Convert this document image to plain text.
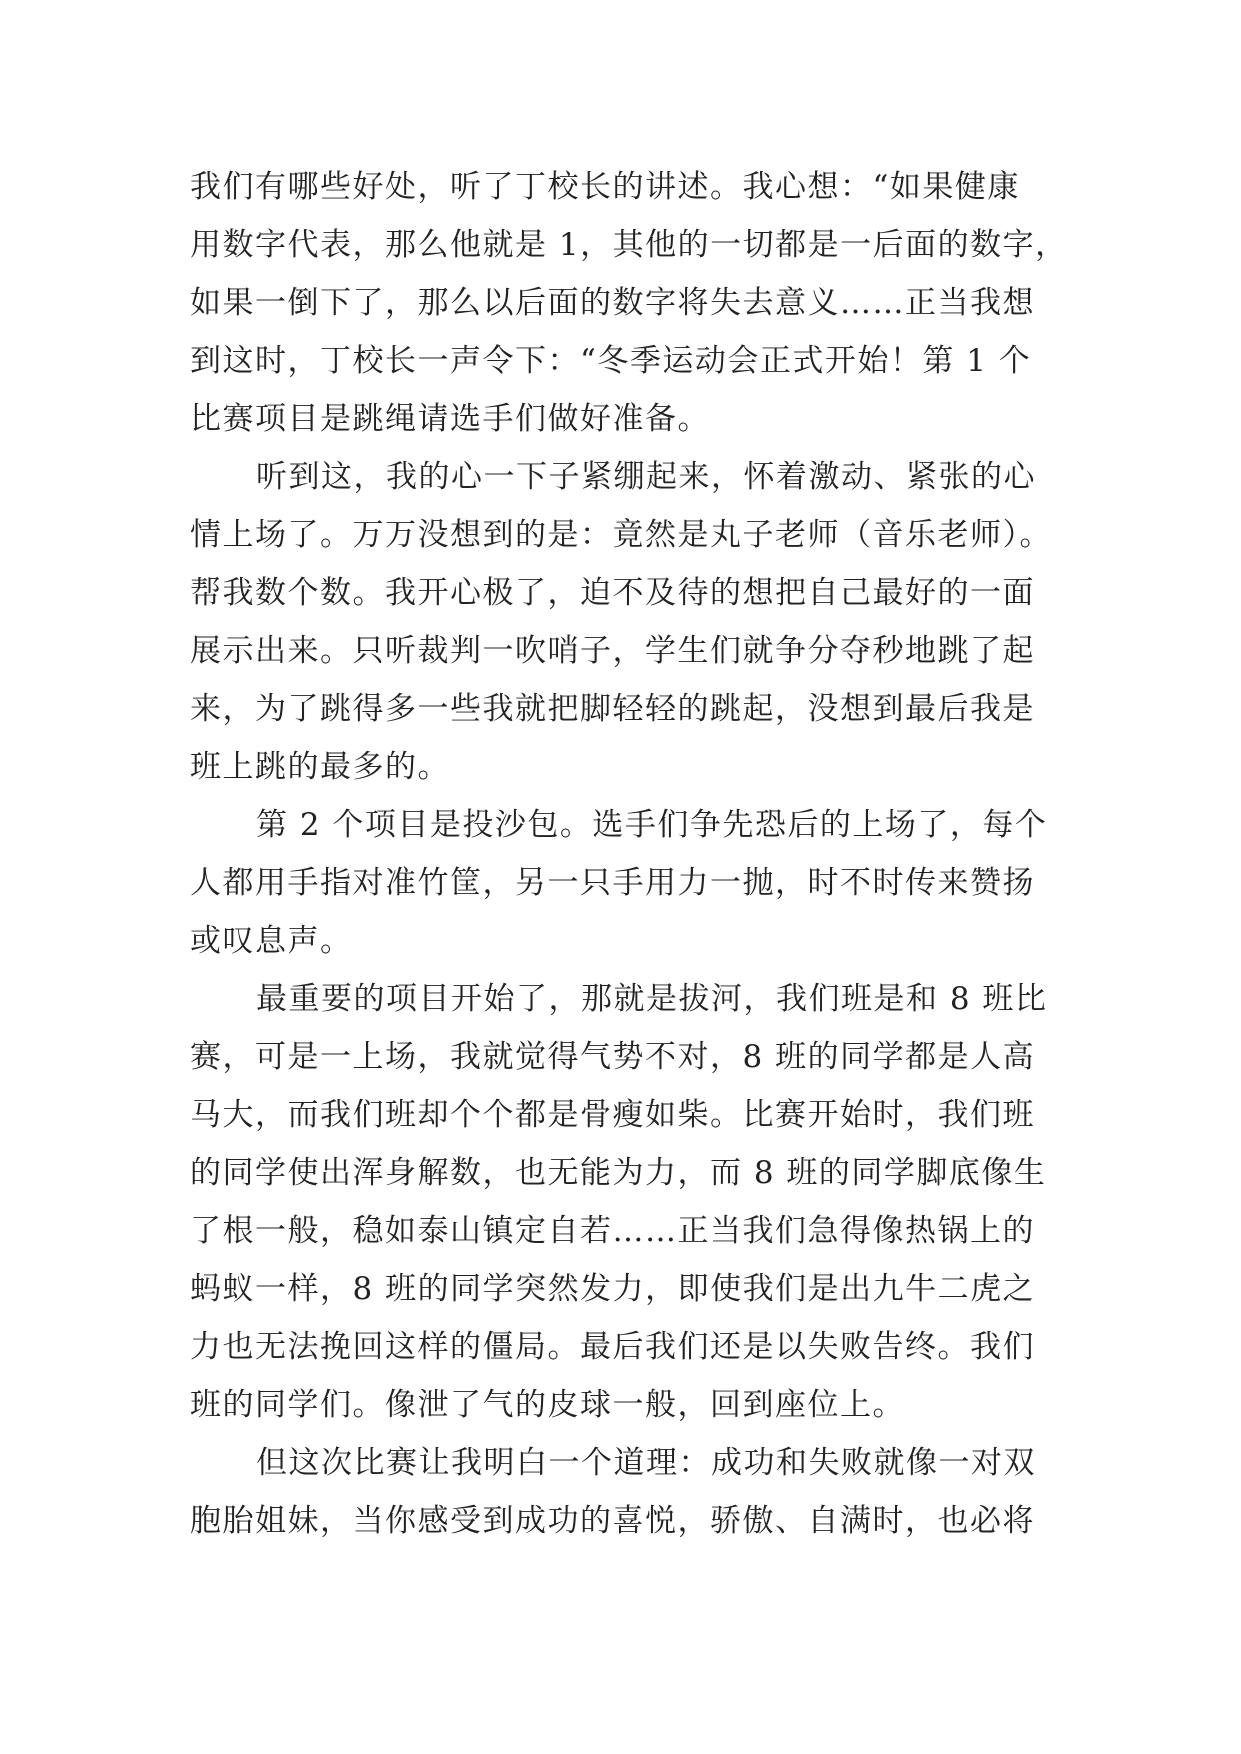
我们有哪些好处，听了丁校长的讲述。我心想：“如果健康
用数字代表，那么他就是 1，其他的一切都是一后面的数字，
如果一倒下了，那么以后面的数字将失去意义……正当我想
到这时，丁校长一声令下：“冬季运动会正式开始！第 1 个
比赛项目是跳绳请选手们做好准备。
听到这，我的心一下子紧绷起来，怀着激动、紧张的心
情上场了。万万没想到的是：竟然是丸子老师（音乐老师）。
帮我数个数。我开心极了，迫不及待的想把自己最好的一面
展示出来。只听裁判一吹哨子，学生们就争分夺秒地跳了起
来，为了跳得多一些我就把脚轻轻的跳起，没想到最后我是
班上跳的最多的。
第 2 个项目是投沙包。选手们争先恐后的上场了，每个
人都用手指对准竹筐，另一只手用力一抛，时不时传来赞扬
或叹息声。
最重要的项目开始了，那就是拔河，我们班是和 8 班比
赛，可是一上场，我就觉得气势不对，8 班的同学都是人高
马大，而我们班却个个都是骨瘦如柴。比赛开始时，我们班
的同学使出浑身解数，也无能为力，而 8 班的同学脚底像生
了根一般，稳如泰山镇定自若……正当我们急得像热锅上的
蚂蚁一样，8 班的同学突然发力，即使我们是出九牛二虎之
力也无法挽回这样的僵局。最后我们还是以失败告终。我们
班的同学们。像泄了气的皮球一般，回到座位上。
但这次比赛让我明白一个道理：成功和失败就像一对双
胞胎姐妹，当你感受到成功的喜悦，骄傲、自满时，也必将
